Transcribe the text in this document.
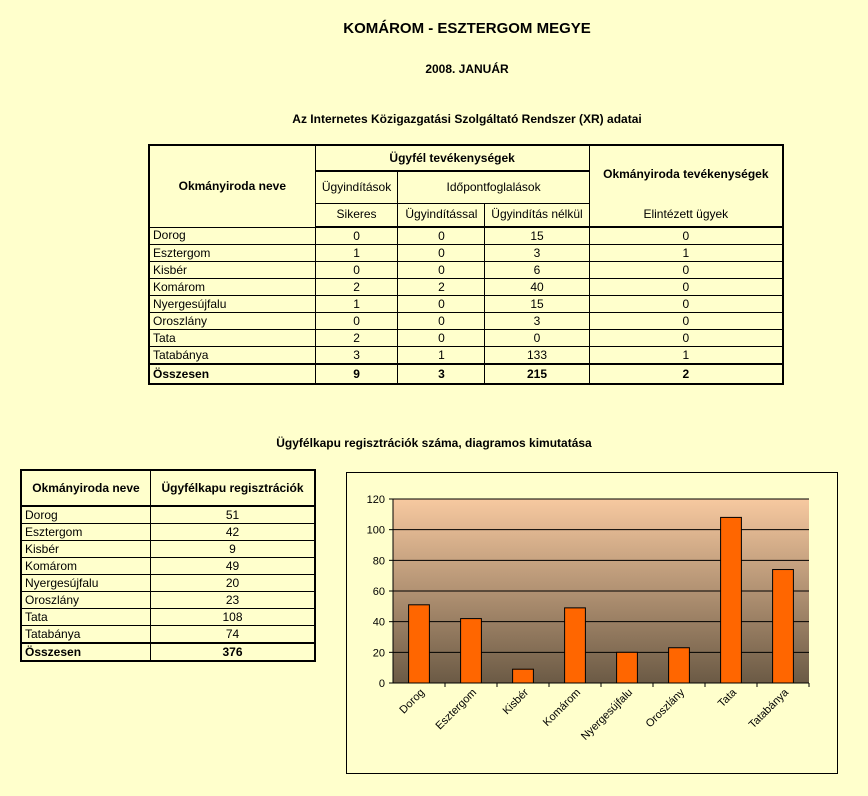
KOMÁROM - ESZTERGOM MEGYE
2008. JANUÁR
Az Internetes Közigazgatási Szolgáltató Rendszer (XR) adatai
Okmányiroda neve	Ügyfél tevékenységek			Okmányiroda tevékenységek
	Ügyindítások	Időpontfoglalások		
	Sikeres	Ügyindítással	Ügyindítás nélkül	Elintézett ügyek
Dorog	0	0	15	0
Esztergom	1	0	3	1
Kisbér	0	0	6	0
Komárom	2	2	40	0
Nyergesújfalu	1	0	15	0
Oroszlány	0	0	3	0
Tata	2	0	0	0
Tatabánya	3	1	133	1
Összesen	9	3	215	2
Ügyfélkapu regisztrációk száma, diagramos kimutatása
Okmányiroda neve	Ügyfélkapu regisztrációk
Dorog	51
Esztergom	42
Kisbér	9
Komárom	49
Nyergesújfalu	20
Oroszlány	23
Tata	108
Tatabánya	74
Összesen	376
0
20
40
60
80
100
120
Dorog Esztergom Kisbér Komárom
Nyergesújfalu Oroszlány	Tata Tatabánya
